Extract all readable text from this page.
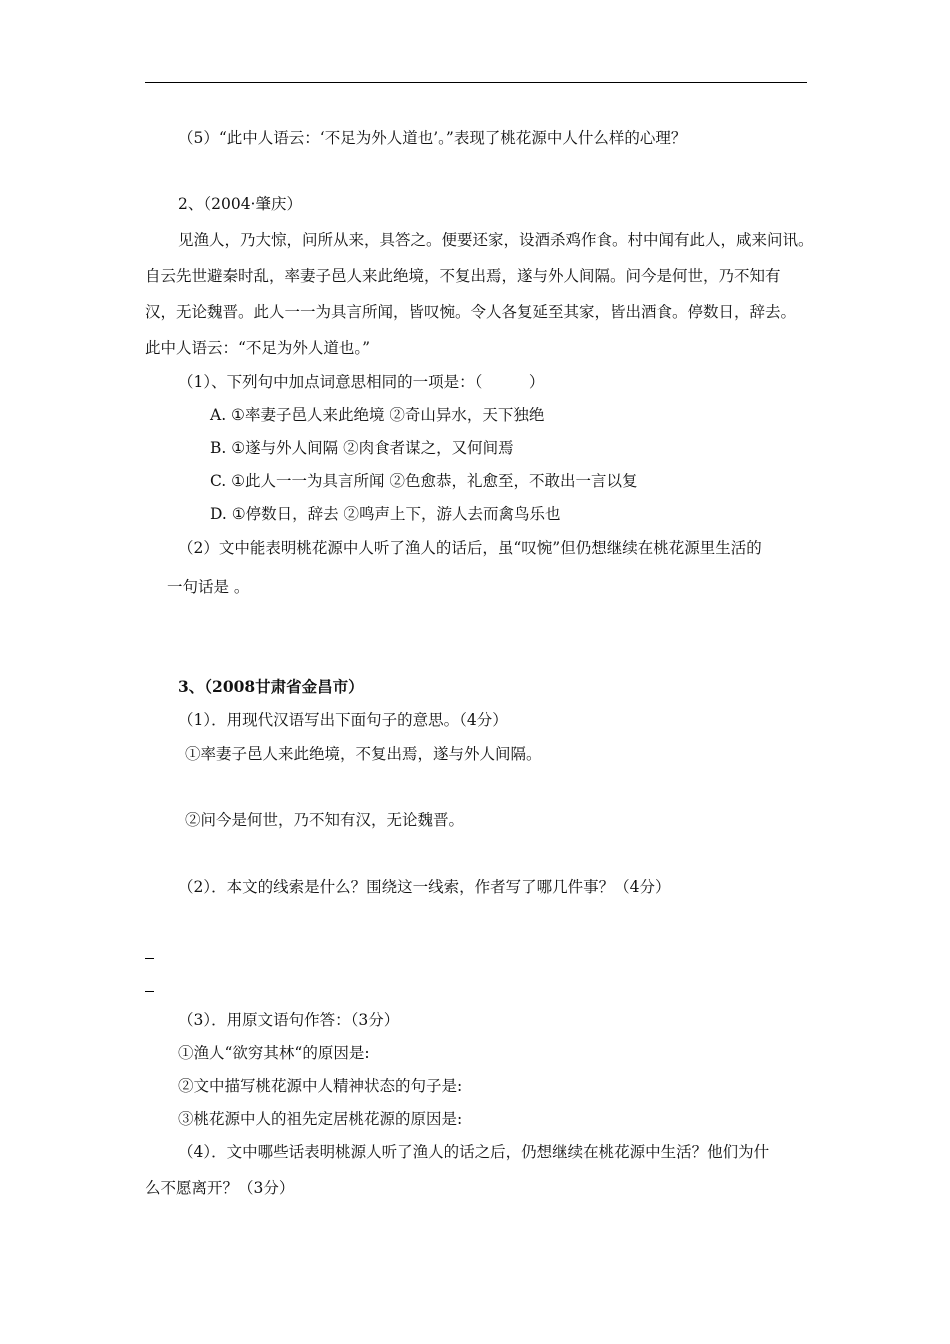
（5）“此中人语云：‘不足为外人道也’。”表现了桃花源中人什么样的心理？
2、（2004·肇庆）
见渔人，乃大惊，问所从来，具答之。便要还家，设酒杀鸡作食。村中闻有此人，咸来问讯。
自云先世避秦时乱，率妻子邑人来此绝境，不复出焉，遂与外人间隔。问今是何世，乃不知有
汉，无论魏晋。此人一一为具言所闻，皆叹惋。令人各复延至其家，皆出酒食。停数日，辞去。
此中人语云：“不足为外人道也。”
（1）、下列句中加点词意思相同的一项是：（　　　）
A. ①率妻子邑人来此绝境 ②奇山异水，天下独绝
B. ①遂与外人间隔 ②肉食者谋之，又何间焉
C. ①此人一一为具言所闻 ②色愈恭，礼愈至，不敢出一言以复
D. ①停数日，辞去 ②鸣声上下，游人去而禽鸟乐也
（2）文中能表明桃花源中人听了渔人的话后，虽“叹惋”但仍想继续在桃花源里生活的
一句话是 。
3、（2008甘肃省金昌市）
（1）．用现代汉语写出下面句子的意思。（4分）
①率妻子邑人来此绝境，不复出焉，遂与外人间隔。
②问今是何世，乃不知有汉，无论魏晋。
（2）．本文的线索是什么？围绕这一线索，作者写了哪几件事？（4分）
（3）．用原文语句作答：（3分）
①渔人“欲穷其林“的原因是:
②文中描写桃花源中人精神状态的句子是:
③桃花源中人的祖先定居桃花源的原因是:
（4）．文中哪些话表明桃源人听了渔人的话之后，仍想继续在桃花源中生活？他们为什
么不愿离开？（3分）
